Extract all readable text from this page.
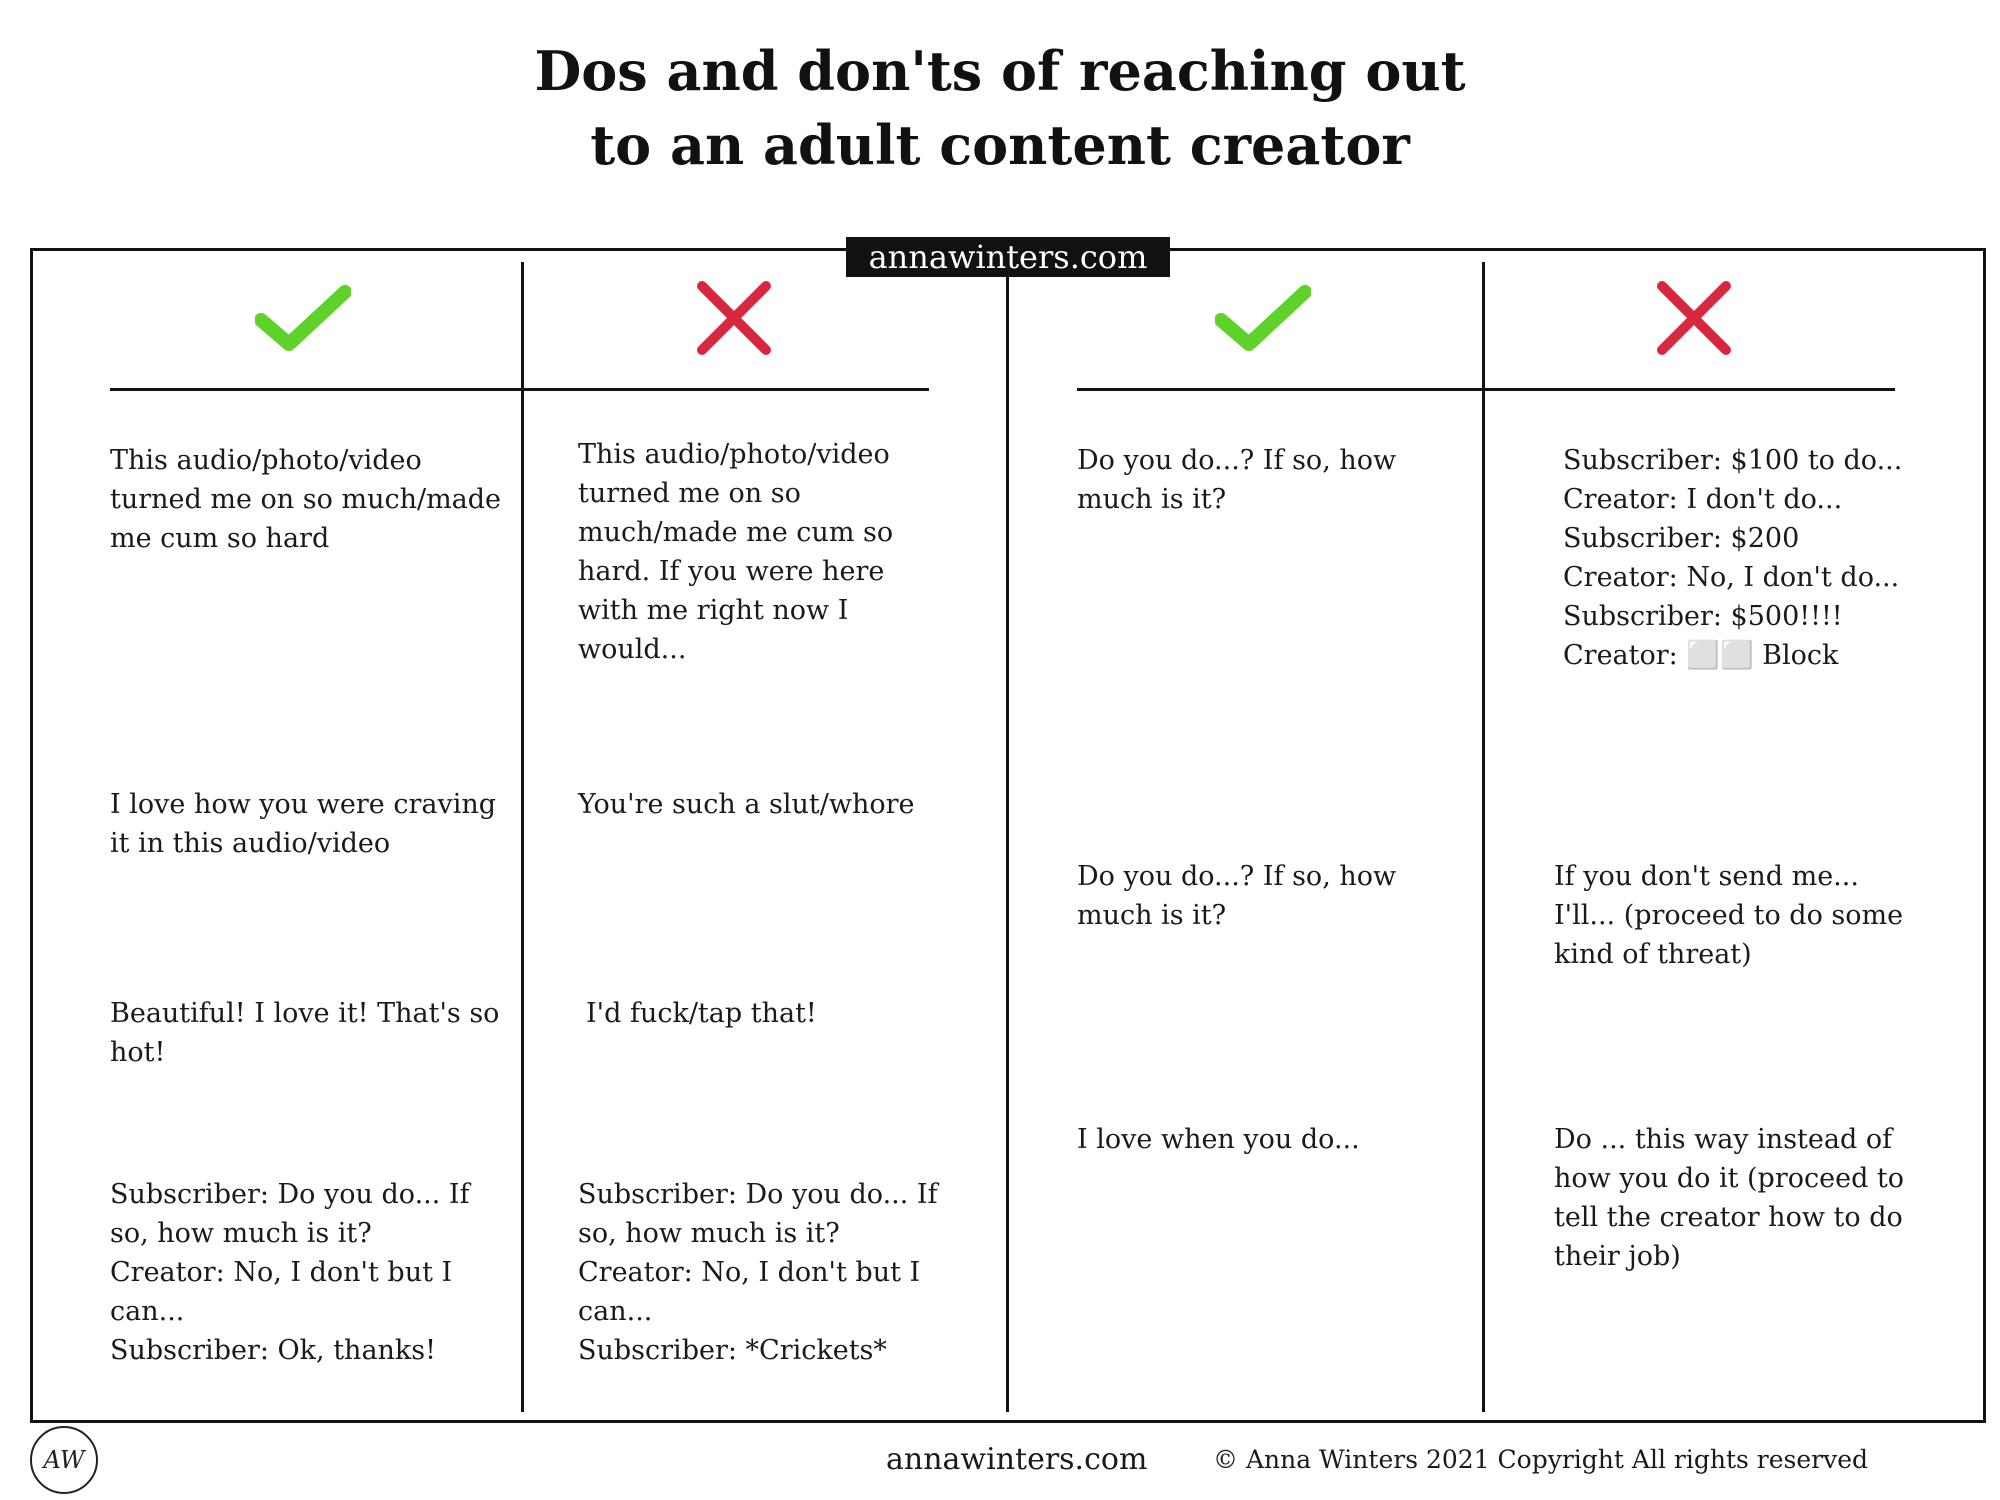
Dos and don'ts of reaching out
to an adult content creator
annawinters.com
This audio/photo/video
turned me on so much/made
me cum so hard
I love how you were craving
it in this audio/video
Beautiful! I love it! That's so
hot!
Subscriber: Do you do... If
so, how much is it?
Creator: No, I don't but I
can...
Subscriber: Ok, thanks!
This audio/photo/video
turned me on so
much/made me cum so
hard. If you were here
with me right now I
would...
You're such a slut/whore
I'd fuck/tap that!
Subscriber: Do you do... If
so, how much is it?
Creator: No, I don't but I
can...
Subscriber: *Crickets*
Do you do...? If so, how
much is it?
Do you do...? If so, how
much is it?
I love when you do...
Subscriber: $100 to do...
Creator: I don't do...
Subscriber: $200
Creator: No, I don't do...
Subscriber: $500!!!!
Creator: ⬜⬜ Block
If you don't send me...
I'll... (proceed to do some
kind of threat)
Do ... this way instead of
how you do it (proceed to
tell the creator how to do
their job)
AW	annawinters.com	© Anna Winters 2021 Copyright All rights reserved
